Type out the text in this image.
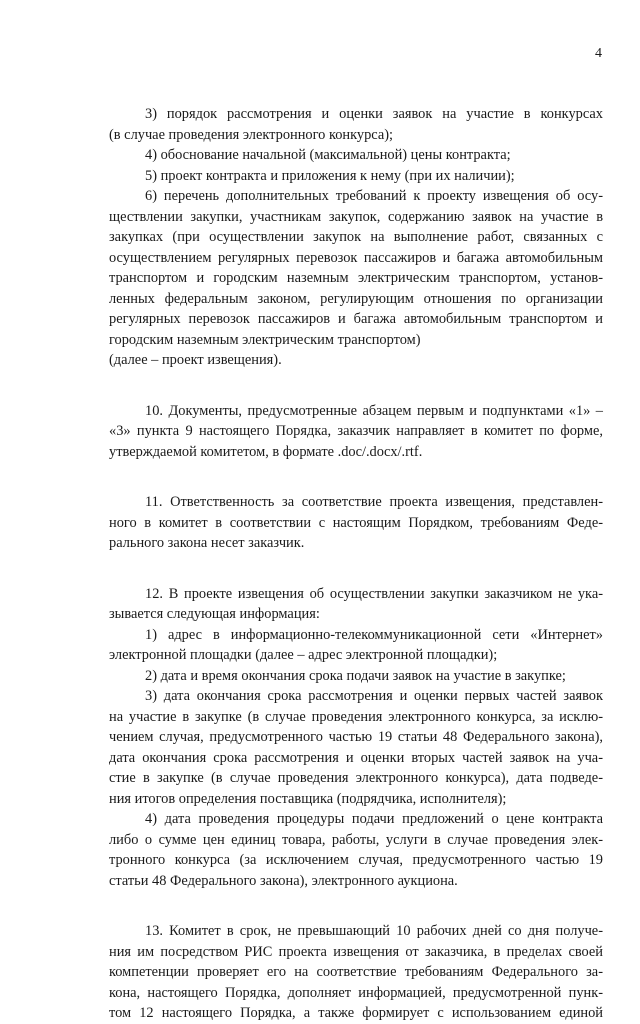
4
3) порядок рассмотрения и оценки заявок на участие в конкурсах
(в случае проведения электронного конкурса);
4) обоснование начальной (максимальной) цены контракта;
5) проект контракта и приложения к нему (при их наличии);
6) перечень дополнительных требований к проекту извещения об осу-
ществлении закупки, участникам закупок, содержанию заявок на участие в
закупках (при осуществлении закупок на выполнение работ, связанных с
осуществлением регулярных перевозок пассажиров и багажа автомобильным
транспортом и городским наземным электрическим транспортом, установ-
ленных федеральным законом, регулирующим отношения по организации
регулярных перевозок пассажиров и багажа автомобильным транспортом и
городским наземным электрическим транспортом)
(далее – проект извещения).
10. Документы, предусмотренные абзацем первым и подпунктами «1» –
«3» пункта 9 настоящего Порядка, заказчик направляет в комитет по форме,
утверждаемой комитетом, в формате .doc/.docx/.rtf.
11. Ответственность за соответствие проекта извещения, представлен-
ного в комитет в соответствии с настоящим Порядком, требованиям Феде-
рального закона несет заказчик.
12. В проекте извещения об осуществлении закупки заказчиком не ука-
зывается следующая информация:
1) адрес в информационно-телекоммуникационной сети «Интернет»
электронной площадки (далее – адрес электронной площадки);
2) дата и время окончания срока подачи заявок на участие в закупке;
3) дата окончания срока рассмотрения и оценки первых частей заявок
на участие в закупке (в случае проведения электронного конкурса, за исклю-
чением случая, предусмотренного частью 19 статьи 48 Федерального закона),
дата окончания срока рассмотрения и оценки вторых частей заявок на уча-
стие в закупке (в случае проведения электронного конкурса), дата подведе-
ния итогов определения поставщика (подрядчика, исполнителя);
4) дата проведения процедуры подачи предложений о цене контракта
либо о сумме цен единиц товара, работы, услуги в случае проведения элек-
тронного конкурса (за исключением случая, предусмотренного частью 19
статьи 48 Федерального закона), электронного аукциона.
13. Комитет в срок, не превышающий 10 рабочих дней со дня получе-
ния им посредством РИС проекта извещения от заказчика, в пределах своей
компетенции проверяет его на соответствие требованиям Федерального за-
кона, настоящего Порядка, дополняет информацией, предусмотренной пунк-
том 12 настоящего Порядка, а также формирует с использованием единой
